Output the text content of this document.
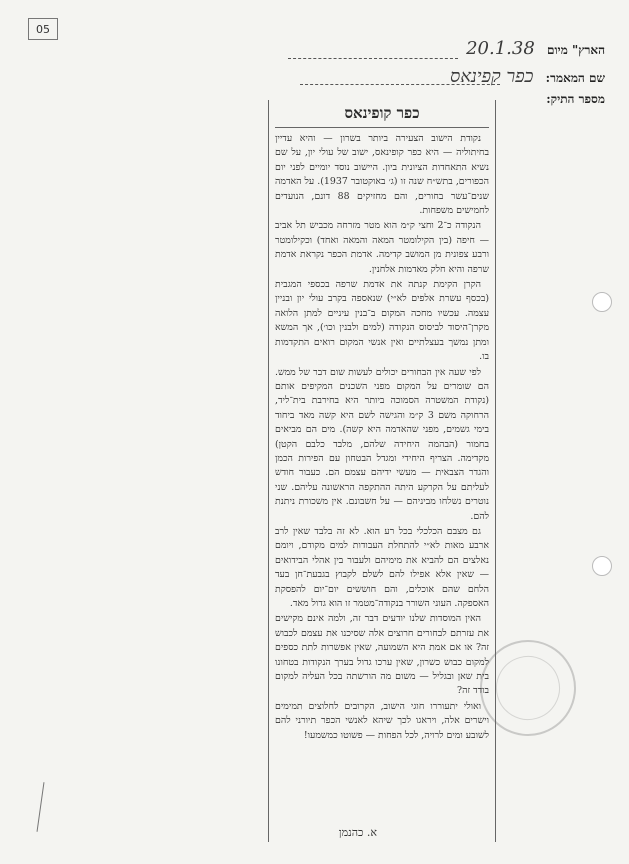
05
הארץ" מיום 20.1.38
שם המאמר: כפר קפינאס
מספר התיק:
כפר קופינאס

נקודת הישוב הצעירה ביותר בשרון — והיא עדיין בחיתוליה — היא כפר קופינאס, ישוב של עולי יון, על שם נשיא התאחדות הציונית ביון. היישוב נוסד יומיים לפני יום הכפורים, בתש״ח שנה זו (ג׳ באוקטובר 1937). על האדמה שנים־עשר בחורים, והם מחזיקים 88 דונם, הנועדים לחמישים משפחות.

הנקודה כ־2 וחצי ק״מ הוא מטר מזרחה מכביש תל אביב — חיפה (בין הקילומטר המאה והמאה ואחד) וכקילומטר ורבע צפונית מן המושב קדימה. אדמת הכפר נקראת אדמת שרפה והיא חלק מאדמות אלחנין.

הקרן הקימת קנתה את אדמת שרפה בכספי המגבית (בכסף עשרת אלפים לא״י) שנאספה בקרב עולי יון ובניין עצמה. עכשיו מחכה המקום ב־בנין עיניים למתן הלואה מקרן־היסוד לביסוס הנקודה (למים ולבנין וכו׳), אך המשא ומתן נמשך בעצלתיים ואין אנשי המקום רואים התקדמות בו.

לפי שעה אין הבחורים יכולים לעשות שום דבר של ממש. הם שומרים על המקום מפני השכנים המקיפים אותם (נקודת המשטרה הסמוכה ביותר היא בחירבת בית־ליד, הרחוקה משם 3 ק״מ והגישה לשם היא קשה מאד ביחוד בימי גשמים, מפני שהאדמה היא קשה). מים הם מביאים בחמור (הבהמה היחידה שלהם, מלבד כלבם הקטן) מקדימה. הצריף היחידי ומגדל הבטחון עם הפירות הכמן והגדר הצבאית — מעשי ידיהם עצמם הם. כעבור חודש לעליתם על הקרקע היתה ההתקפה הראשונה עליהם. שני נוטרים נשלחו מביניהם — על חשבונם. אין משכורת ניתנת להם.

גם מצבם הכלכלי בכל רע הוא. לא זה בלבד שאין לרב ארבע מאות לא״י להתחלת העבודות למים מקודם, ויומם נאלצים הם להביא את מימיהם ולעבור בין אהלי הבידואים — שאין אלא אפילו להם לשלם לקבוץ בגבעת־חן בעד הלחם שהם אוכלים, והם חוששים יום־יום להפסקת האספקה. העוני השורר בנקודה־מטמר זו הוא גדול מאד.

האין המוסדות שלנו יודעים דבר זה, ולמה אינם מקישים את עזרתם לבחורים חרוצים אלה שסיכנו את עצמם לכבוש זה? או אם אמת היא השמועה, שאין אפשרות לתת כספים למקום כבוש כשרון, שאין ערכו גדול בערך הנקודות בטחונו בית שאן ובגליל — משום מה הורשתה בכל העליה למקום בודד זה?

ואולי יתעוררו חוגי הישוב, הקרובים לחלוצים תמימים וישרים אלה, ויראגו לכך שיהא לאנשי הכפר תיורני להם לשובע ומים לרויה, לכל הפחות — פשוטו כמשמעו!

א. כהנמן
